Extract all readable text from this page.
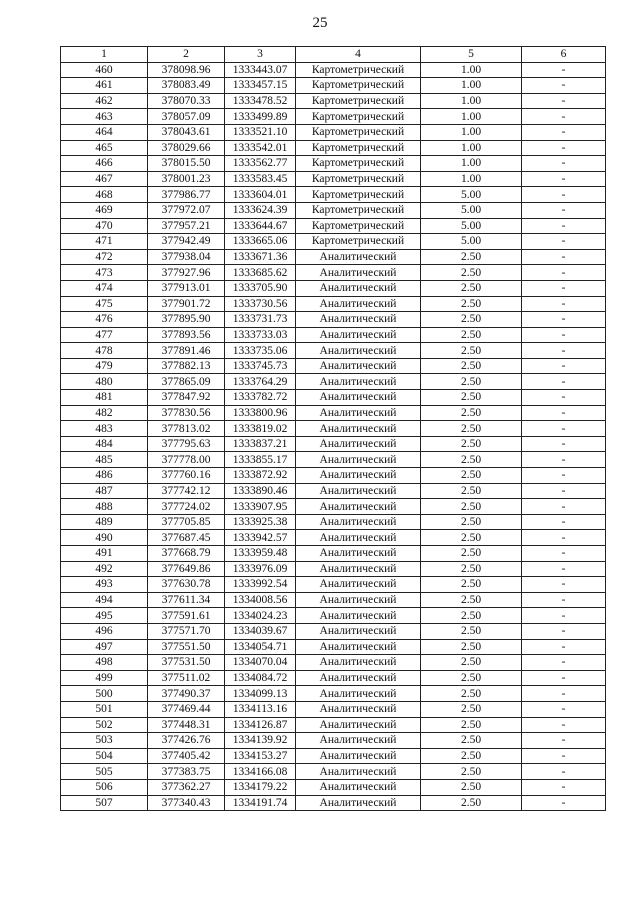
25
1	2	3	4	5	6
460	378098.96	1333443.07	Картометрический	1.00	-
461	378083.49	1333457.15	Картометрический	1.00	-
462	378070.33	1333478.52	Картометрический	1.00	-
463	378057.09	1333499.89	Картометрический	1.00	-
464	378043.61	1333521.10	Картометрический	1.00	-
465	378029.66	1333542.01	Картометрический	1.00	-
466	378015.50	1333562.77	Картометрический	1.00	-
467	378001.23	1333583.45	Картометрический	1.00	-
468	377986.77	1333604.01	Картометрический	5.00	-
469	377972.07	1333624.39	Картометрический	5.00	-
470	377957.21	1333644.67	Картометрический	5.00	-
471	377942.49	1333665.06	Картометрический	5.00	-
472	377938.04	1333671.36	Аналитический	2.50	-
473	377927.96	1333685.62	Аналитический	2.50	-
474	377913.01	1333705.90	Аналитический	2.50	-
475	377901.72	1333730.56	Аналитический	2.50	-
476	377895.90	1333731.73	Аналитический	2.50	-
477	377893.56	1333733.03	Аналитический	2.50	-
478	377891.46	1333735.06	Аналитический	2.50	-
479	377882.13	1333745.73	Аналитический	2.50	-
480	377865.09	1333764.29	Аналитический	2.50	-
481	377847.92	1333782.72	Аналитический	2.50	-
482	377830.56	1333800.96	Аналитический	2.50	-
483	377813.02	1333819.02	Аналитический	2.50	-
484	377795.63	1333837.21	Аналитический	2.50	-
485	377778.00	1333855.17	Аналитический	2.50	-
486	377760.16	1333872.92	Аналитический	2.50	-
487	377742.12	1333890.46	Аналитический	2.50	-
488	377724.02	1333907.95	Аналитический	2.50	-
489	377705.85	1333925.38	Аналитический	2.50	-
490	377687.45	1333942.57	Аналитический	2.50	-
491	377668.79	1333959.48	Аналитический	2.50	-
492	377649.86	1333976.09	Аналитический	2.50	-
493	377630.78	1333992.54	Аналитический	2.50	-
494	377611.34	1334008.56	Аналитический	2.50	-
495	377591.61	1334024.23	Аналитический	2.50	-
496	377571.70	1334039.67	Аналитический	2.50	-
497	377551.50	1334054.71	Аналитический	2.50	-
498	377531.50	1334070.04	Аналитический	2.50	-
499	377511.02	1334084.72	Аналитический	2.50	-
500	377490.37	1334099.13	Аналитический	2.50	-
501	377469.44	1334113.16	Аналитический	2.50	-
502	377448.31	1334126.87	Аналитический	2.50	-
503	377426.76	1334139.92	Аналитический	2.50	-
504	377405.42	1334153.27	Аналитический	2.50	-
505	377383.75	1334166.08	Аналитический	2.50	-
506	377362.27	1334179.22	Аналитический	2.50	-
507	377340.43	1334191.74	Аналитический	2.50	-
